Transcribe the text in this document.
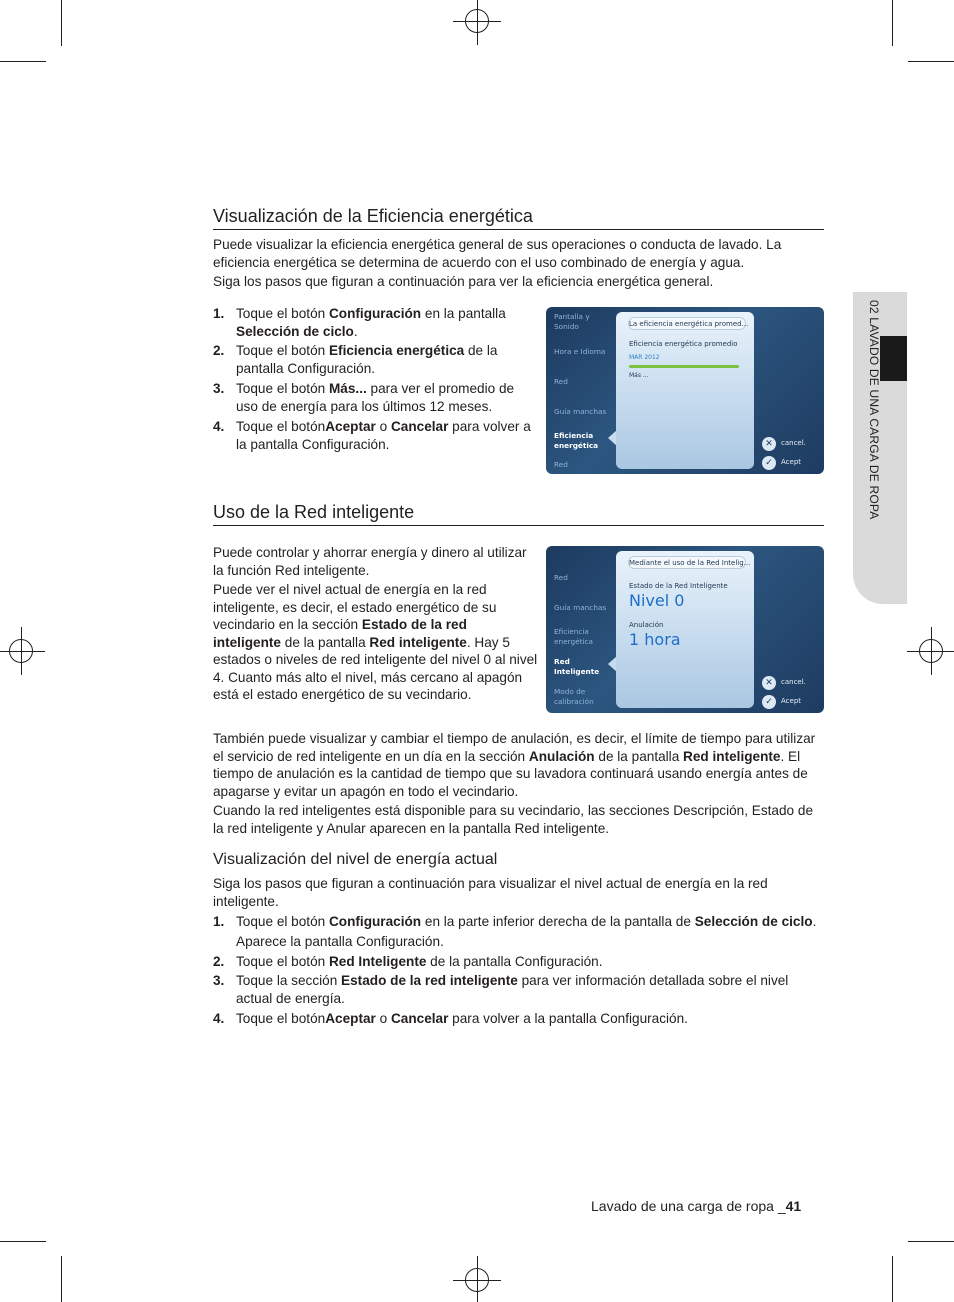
02 LAVADO DE UNA CARGA DE ROPA
Visualización de la Eficiencia energética
Puede visualizar la eficiencia energética general de sus operaciones o conducta de lavado. La eficiencia energética se determina de acuerdo con el uso combinado de energía y agua.
Siga los pasos que figuran a continuación para ver la eficiencia energética general.
1. Toque el botón Configuración en la pantalla Selección de ciclo.
2. Toque el botón Eficiencia energética de la pantalla Configuración.
3. Toque el botón Más... para ver el promedio de uso de energía para los últimos 12 meses.
4. Toque el botónAceptar o Cancelar para volver a la pantalla Configuración.
Pantalla y Sonido
Hora e Idioma
Red
Guía manchas
Eficiencia energética
Red
La eficiencia energética promed...
Eficiencia energética promedio
MAR 2012
Más ...
✕	cancel.
✓	Acept
Uso de la Red inteligente
Puede controlar y ahorrar energía y dinero al utilizar la función Red inteligente.
Puede ver el nivel actual de energía en la red inteligente, es decir, el estado energético de su vecindario en la sección Estado de la red inteligente de la pantalla Red inteligente. Hay 5 estados o niveles de red inteligente del nivel 0 al nivel 4. Cuanto más alto el nivel, más cercano al apagón está el estado energético de su vecindario.
Red
Guía manchas
Eficiencia energética
Red Inteligente
Modo de calibración
Mediante el uso de la Red Intelig...
Estado de la Red Inteligente
Nivel 0
Anulación
1 hora
✕	cancel.
✓	Acept
También puede visualizar y cambiar el tiempo de anulación, es decir, el límite de tiempo para utilizar el servicio de red inteligente en un día en la sección Anulación de la pantalla Red inteligente. El tiempo de anulación es la cantidad de tiempo que su lavadora continuará usando energía antes de apagarse y evitar un apagón en todo el vecindario.
Cuando la red inteligentes está disponible para su vecindario, las secciones Descripción, Estado de la red inteligente y Anular aparecen en la pantalla Red inteligente.
Visualización del nivel de energía actual
Siga los pasos que figuran a continuación para visualizar el nivel actual de energía en la red inteligente.
1. Toque el botón Configuración en la parte inferior derecha de la pantalla de Selección de ciclo.
Aparece la pantalla Configuración.
2. Toque el botón Red Inteligente de la pantalla Configuración.
3. Toque la sección Estado de la red inteligente para ver información detallada sobre el nivel actual de energía.
4. Toque el botónAceptar o Cancelar para volver a la pantalla Configuración.
Lavado de una carga de ropa _41
